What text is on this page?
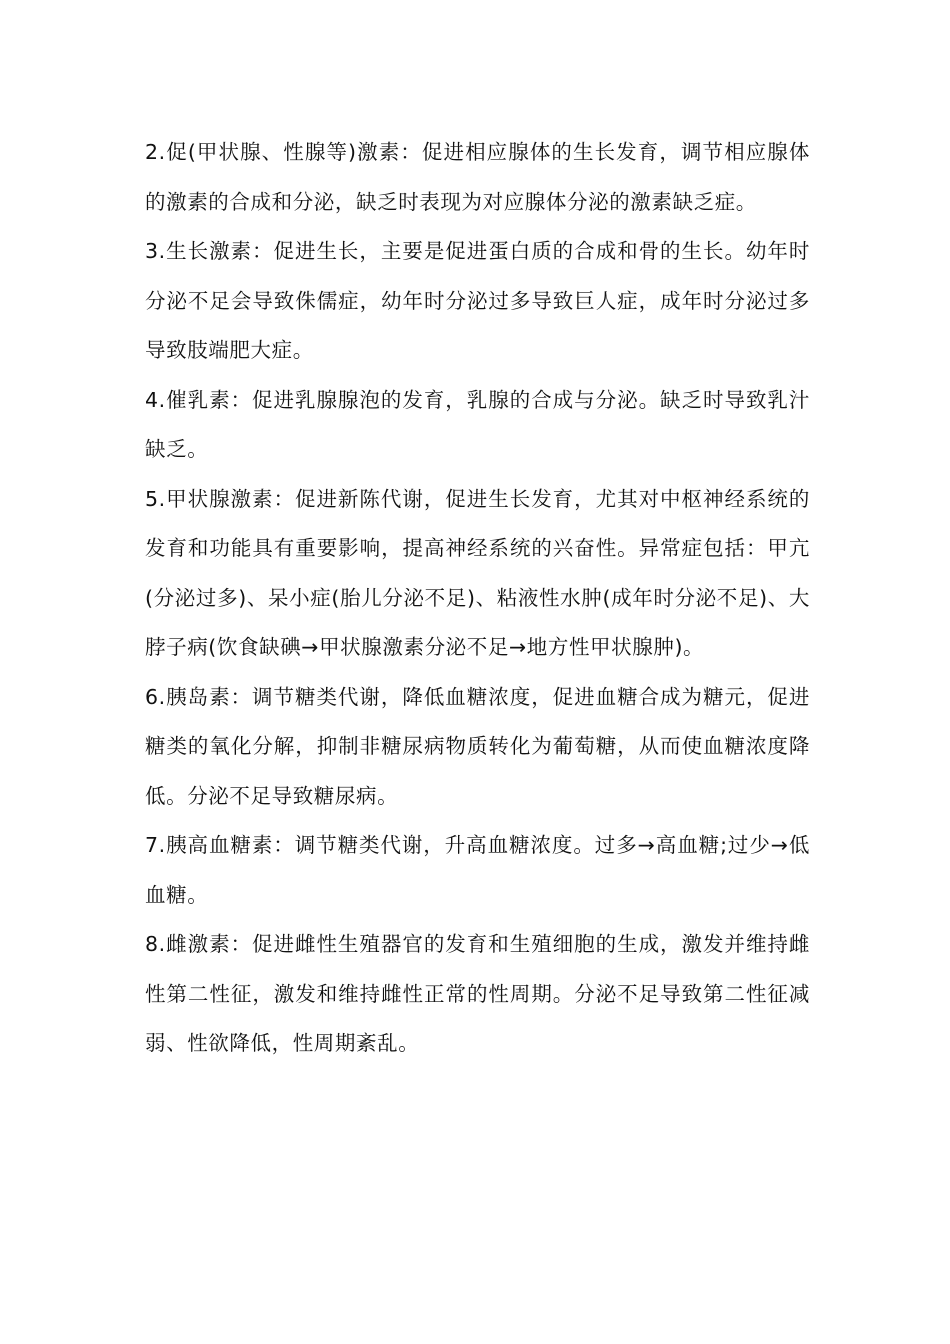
2.促(甲状腺、性腺等)激素：促进相应腺体的生长发育，调节相应腺体的激素的合成和分泌，缺乏时表现为对应腺体分泌的激素缺乏症。

3.生长激素：促进生长，主要是促进蛋白质的合成和骨的生长。幼年时分泌不足会导致侏儒症，幼年时分泌过多导致巨人症，成年时分泌过多导致肢端肥大症。

4.催乳素：促进乳腺腺泡的发育，乳腺的合成与分泌。缺乏时导致乳汁缺乏。

5.甲状腺激素：促进新陈代谢，促进生长发育，尤其对中枢神经系统的发育和功能具有重要影响，提高神经系统的兴奋性。异常症包括：甲亢(分泌过多)、呆小症(胎儿分泌不足)、粘液性水肿(成年时分泌不足)、大脖子病(饮食缺碘→甲状腺激素分泌不足→地方性甲状腺肿)。

6.胰岛素：调节糖类代谢，降低血糖浓度，促进血糖合成为糖元，促进糖类的氧化分解，抑制非糖尿病物质转化为葡萄糖，从而使血糖浓度降低。分泌不足导致糖尿病。

7.胰高血糖素：调节糖类代谢，升高血糖浓度。过多→高血糖;过少→低血糖。

8.雌激素：促进雌性生殖器官的发育和生殖细胞的生成，激发并维持雌性第二性征，激发和维持雌性正常的性周期。分泌不足导致第二性征减弱、性欲降低，性周期紊乱。
